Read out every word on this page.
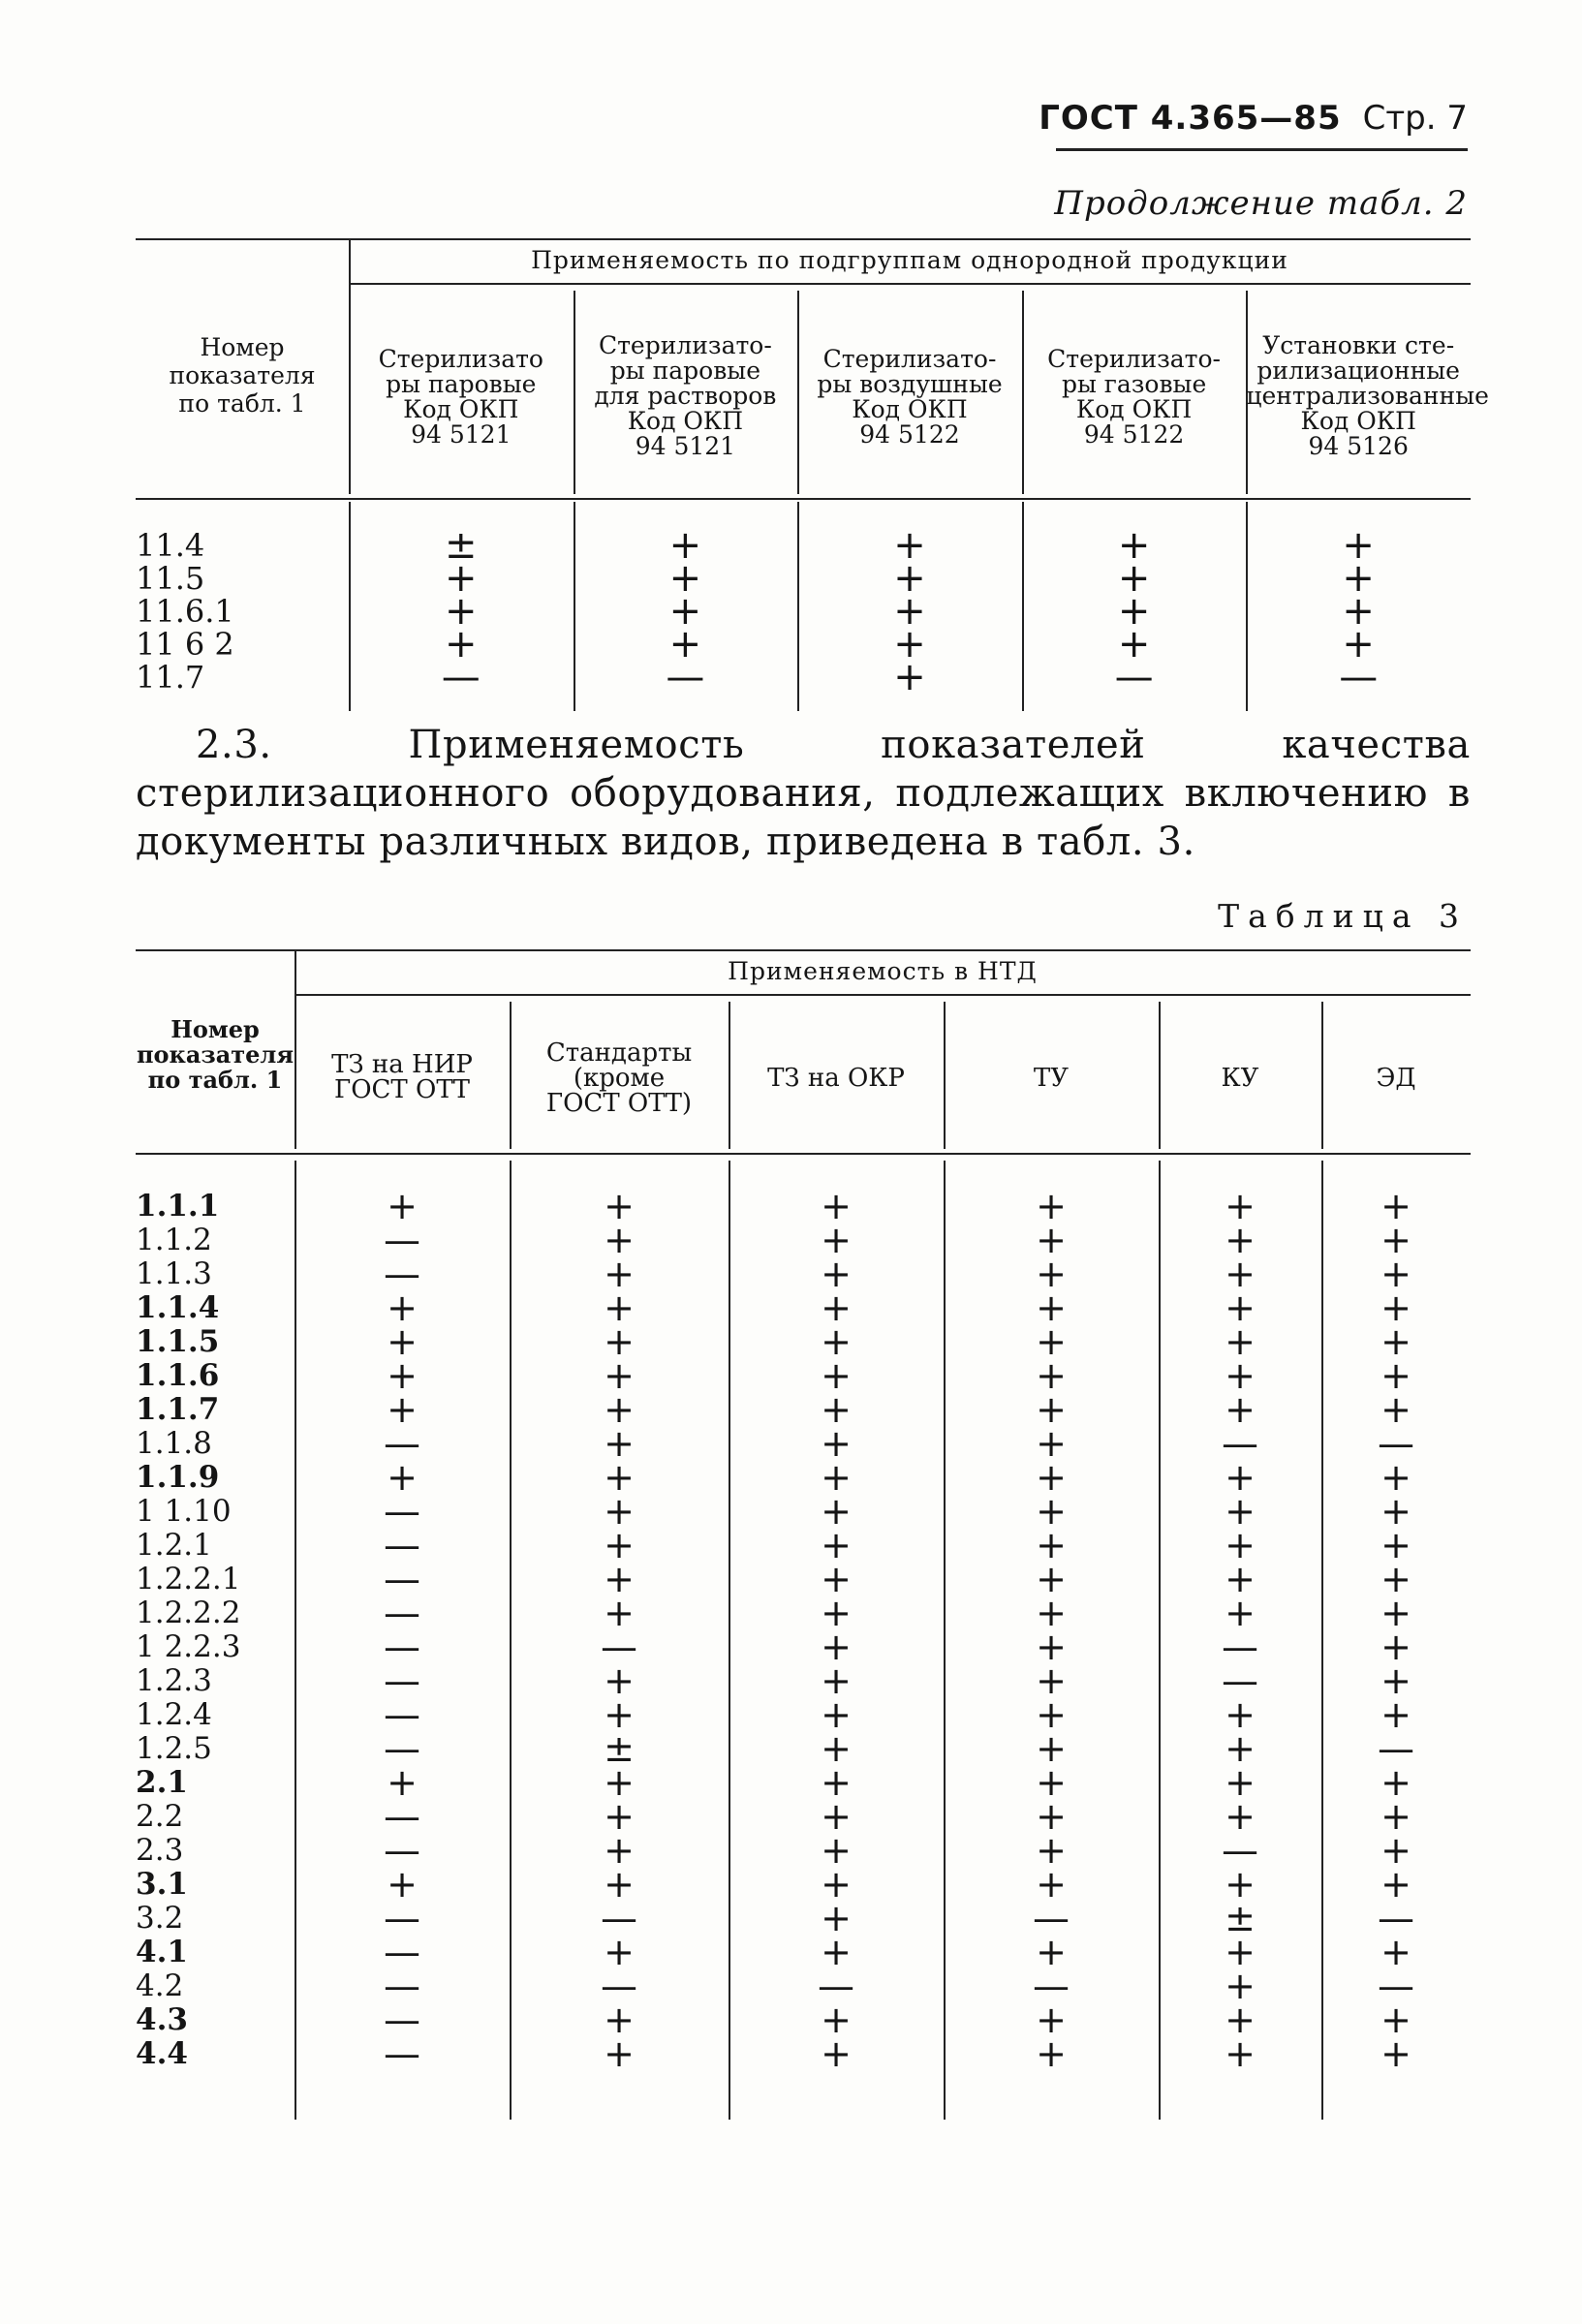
ГОСТ 4.365—85 Стр. 7
Продолжение табл. 2
Применяемость по подгруппам однородной продукции
Номер
показателя
по табл. 1
Стерилизато
ры паровые
Код ОКП
94 5121
Стерилизато-
ры паровые
для растворов
Код ОКП
94 5121
Стерилизато-
ры воздушные
Код ОКП
94 5122
Стерилизато-
ры газовые
Код ОКП
94 5122
Установки сте-
рилизационные
централизованные
Код ОКП
94 5126
11.4	±	+	+	+	+
11.5	+	+	+	+	+
11.6.1	+	+	+	+	+
11 6 2	+	+	+	+	+
11.7	—	—	+	—	—
2.3. Применяемость показателей качества стерилизационного оборудования, подлежащих включению в документы различных видов, приведена в табл. 3.
Таблица 3
Применяемость в НТД
Номер
показателя
по табл. 1
ТЗ на НИР
ГОСТ ОТТ
Стандарты
(кроме
ГОСТ ОТТ)
ТЗ на ОКР	ТУ	КУ	ЭД
1.1.1	+	+	+	+	+	+
1.1.2	—	+	+	+	+	+
1.1.3	—	+	+	+	+	+
1.1.4	+	+	+	+	+	+
1.1.5	+	+	+	+	+	+
1.1.6	+	+	+	+	+	+
1.1.7	+	+	+	+	+	+
1.1.8	—	+	+	+	—	—
1.1.9	+	+	+	+	+	+
1 1.10	—	+	+	+	+	+
1.2.1	—	+	+	+	+	+
1.2.2.1	—	+	+	+	+	+
1.2.2.2	—	+	+	+	+	+
1 2.2.3	—	—	+	+	—	+
1.2.3	—	+	+	+	—	+
1.2.4	—	+	+	+	+	+
1.2.5	—	±	+	+	+	—
2.1	+	+	+	+	+	+
2.2	—	+	+	+	+	+
2.3	—	+	+	+	—	+
3.1	+	+	+	+	+	+
3.2	—	—	+	—	±	—
4.1	—	+	+	+	+	+
4.2	—	—	—	—	+	—
4.3	—	+	+	+	+	+
4.4	—	+	+	+	+	+
